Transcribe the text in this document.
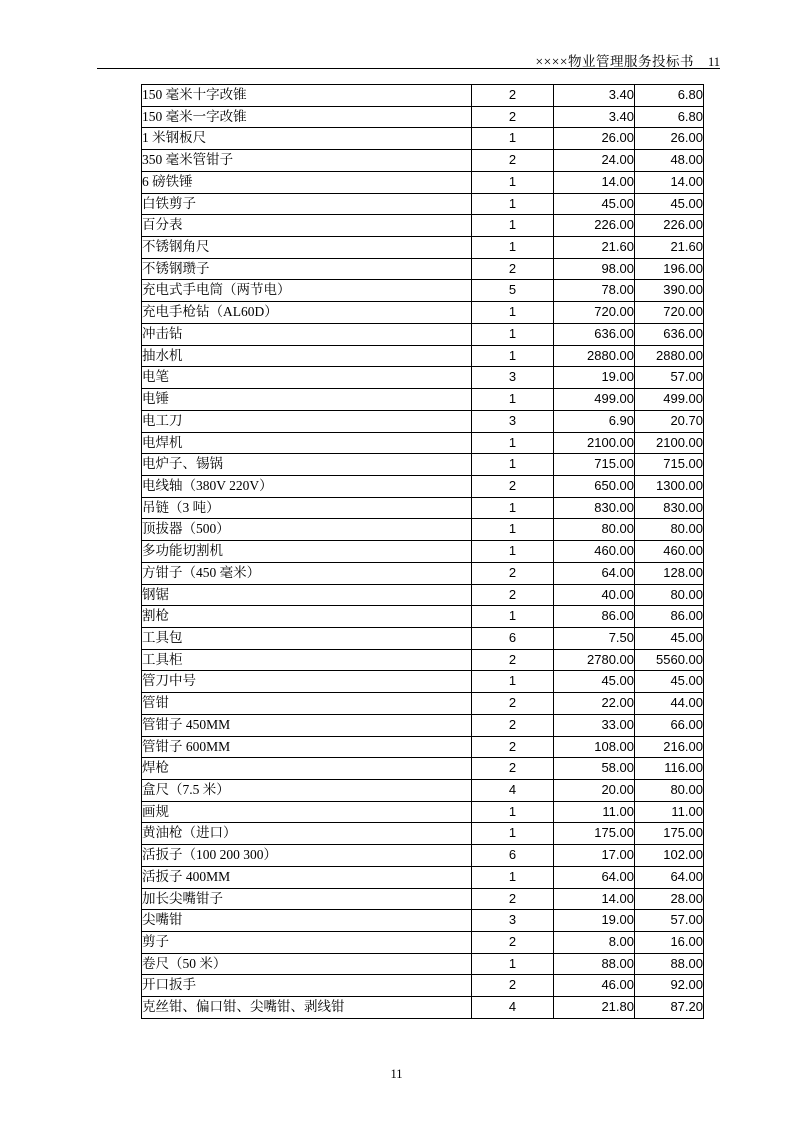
××××物业管理服务投标书 11
150 毫米十字改锥	2	3.40	6.80
150 毫米一字改锥	2	3.40	6.80
1 米钢板尺	1	26.00	26.00
350 毫米管钳子	2	24.00	48.00
6 磅铁锤	1	14.00	14.00
白铁剪子	1	45.00	45.00
百分表	1	226.00	226.00
不锈钢角尺	1	21.60	21.60
不锈钢瓒子	2	98.00	196.00
充电式手电筒（两节电）	5	78.00	390.00
充电手枪钻（AL60D）	1	720.00	720.00
冲击钻	1	636.00	636.00
抽水机	1	2880.00	2880.00
电笔	3	19.00	57.00
电锤	1	499.00	499.00
电工刀	3	6.90	20.70
电焊机	1	2100.00	2100.00
电炉子、锡锅	1	715.00	715.00
电线轴（380V 220V）	2	650.00	1300.00
吊链（3 吨）	1	830.00	830.00
顶拔器（500）	1	80.00	80.00
多功能切割机	1	460.00	460.00
方钳子（450 毫米）	2	64.00	128.00
钢锯	2	40.00	80.00
割枪	1	86.00	86.00
工具包	6	7.50	45.00
工具柜	2	2780.00	5560.00
管刀中号	1	45.00	45.00
管钳	2	22.00	44.00
管钳子 450MM	2	33.00	66.00
管钳子 600MM	2	108.00	216.00
焊枪	2	58.00	116.00
盒尺（7.5 米）	4	20.00	80.00
画规	1	11.00	11.00
黄油枪（进口）	1	175.00	175.00
活扳子（100 200 300）	6	17.00	102.00
活扳子 400MM	1	64.00	64.00
加长尖嘴钳子	2	14.00	28.00
尖嘴钳	3	19.00	57.00
剪子	2	8.00	16.00
卷尺（50 米）	1	88.00	88.00
开口扳手	2	46.00	92.00
克丝钳、偏口钳、尖嘴钳、剥线钳	4	21.80	87.20
11
